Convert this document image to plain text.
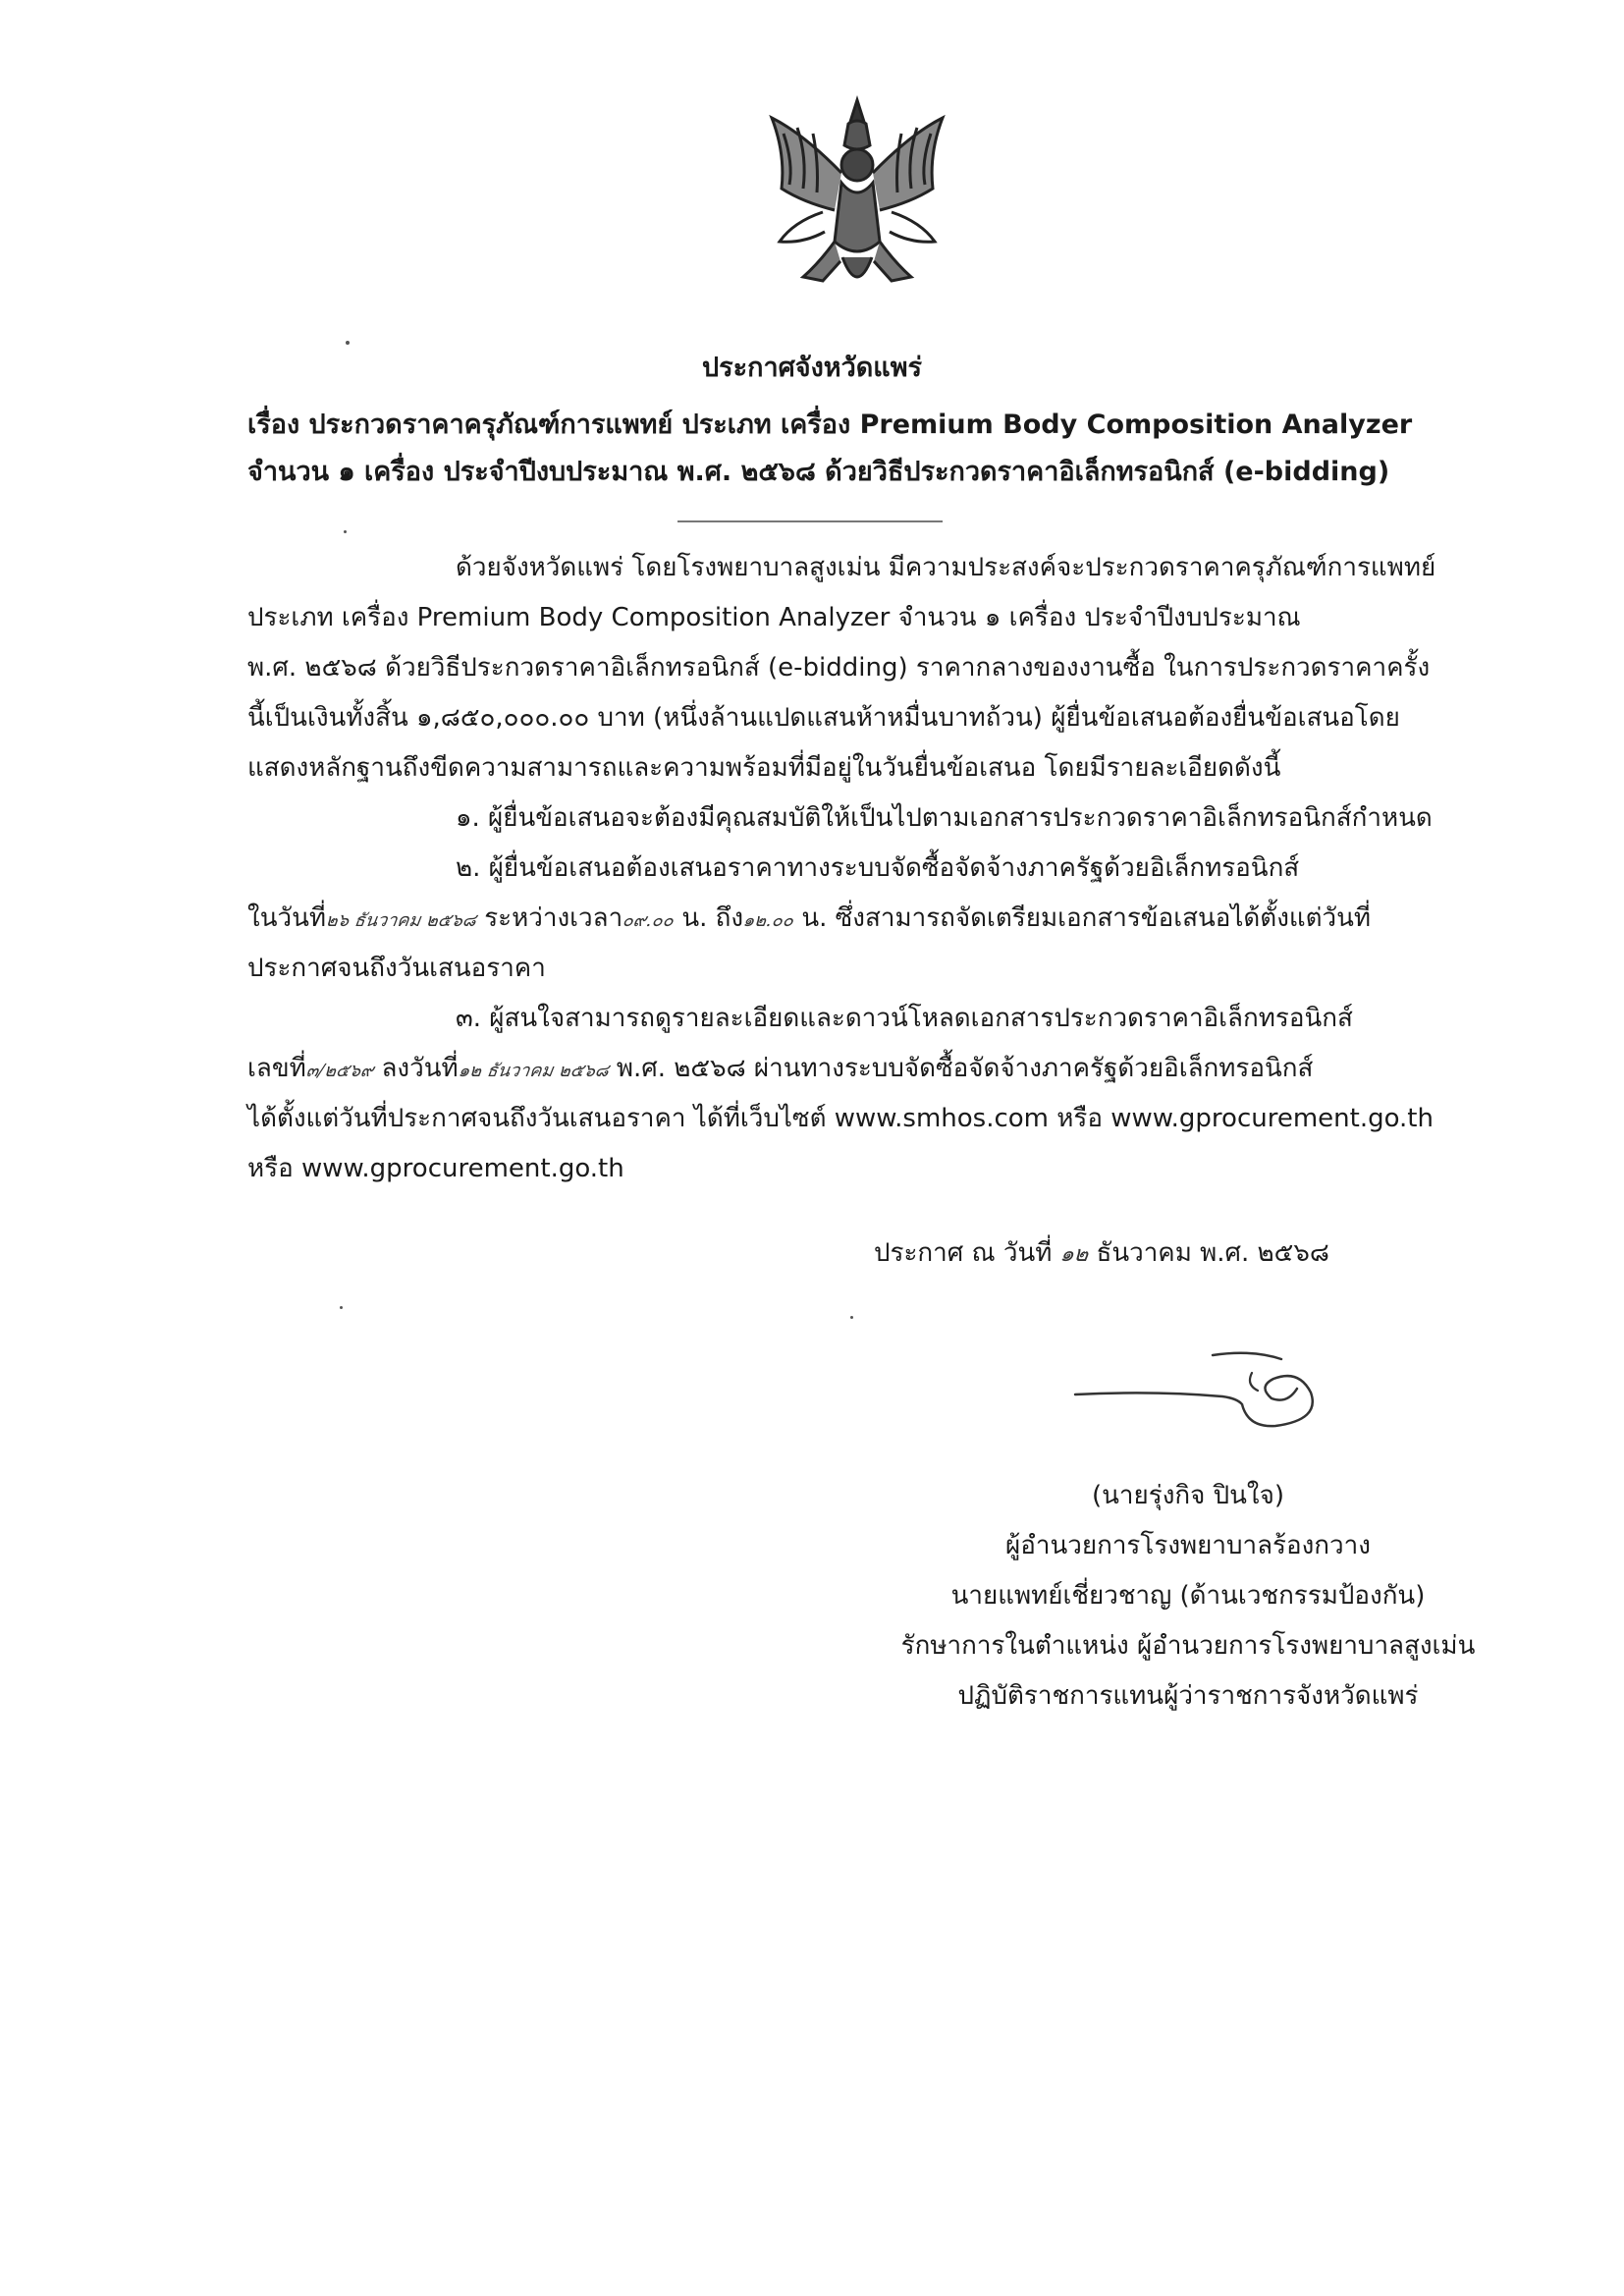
ประกาศจังหวัดแพร่
เรื่อง ประกวดราคาครุภัณฑ์การแพทย์ ประเภท เครื่อง Premium Body Composition Analyzer
จำนวน ๑ เครื่อง ประจำปีงบประมาณ พ.ศ. ๒๕๖๘ ด้วยวิธีประกวดราคาอิเล็กทรอนิกส์ (e-bidding)
ด้วยจังหวัดแพร่ โดยโรงพยาบาลสูงเม่น มีความประสงค์จะประกวดราคาครุภัณฑ์การแพทย์
ประเภท เครื่อง Premium Body Composition Analyzer จำนวน ๑ เครื่อง ประจำปีงบประมาณ
พ.ศ. ๒๕๖๘ ด้วยวิธีประกวดราคาอิเล็กทรอนิกส์ (e-bidding) ราคากลางของงานซื้อ ในการประกวดราคาครั้ง
นี้เป็นเงินทั้งสิ้น ๑,๘๕๐,๐๐๐.๐๐ บาท (หนึ่งล้านแปดแสนห้าหมื่นบาทถ้วน) ผู้ยื่นข้อเสนอต้องยื่นข้อเสนอโดย
แสดงหลักฐานถึงขีดความสามารถและความพร้อมที่มีอยู่ในวันยื่นข้อเสนอ โดยมีรายละเอียดดังนี้
๑. ผู้ยื่นข้อเสนอจะต้องมีคุณสมบัติให้เป็นไปตามเอกสารประกวดราคาอิเล็กทรอนิกส์กำหนด
๒. ผู้ยื่นข้อเสนอต้องเสนอราคาทางระบบจัดซื้อจัดจ้างภาครัฐด้วยอิเล็กทรอนิกส์
ในวันที่๒๖ ธันวาคม ๒๕๖๘ ระหว่างเวลา๐๙.๐๐ น. ถึง๑๒.๐๐ น. ซึ่งสามารถจัดเตรียมเอกสารข้อเสนอได้ตั้งแต่วันที่
ประกาศจนถึงวันเสนอราคา
๓. ผู้สนใจสามารถดูรายละเอียดและดาวน์โหลดเอกสารประกวดราคาอิเล็กทรอนิกส์
เลขที่๓/๒๕๖๙ ลงวันที่๑๒ ธันวาคม ๒๕๖๘ พ.ศ. ๒๕๖๘ ผ่านทางระบบจัดซื้อจัดจ้างภาครัฐด้วยอิเล็กทรอนิกส์
ได้ตั้งแต่วันที่ประกาศจนถึงวันเสนอราคา ได้ที่เว็บไซต์ www.smhos.com หรือ www.gprocurement.go.th
หรือ www.gprocurement.go.th
ประกาศ ณ วันที่ ๑๒ ธันวาคม พ.ศ. ๒๕๖๘
(นายรุ่งกิจ ปินใจ)
ผู้อำนวยการโรงพยาบาลร้องกวาง
นายแพทย์เชี่ยวชาญ (ด้านเวชกรรมป้องกัน)
รักษาการในตำแหน่ง ผู้อำนวยการโรงพยาบาลสูงเม่น
ปฏิบัติราชการแทนผู้ว่าราชการจังหวัดแพร่
